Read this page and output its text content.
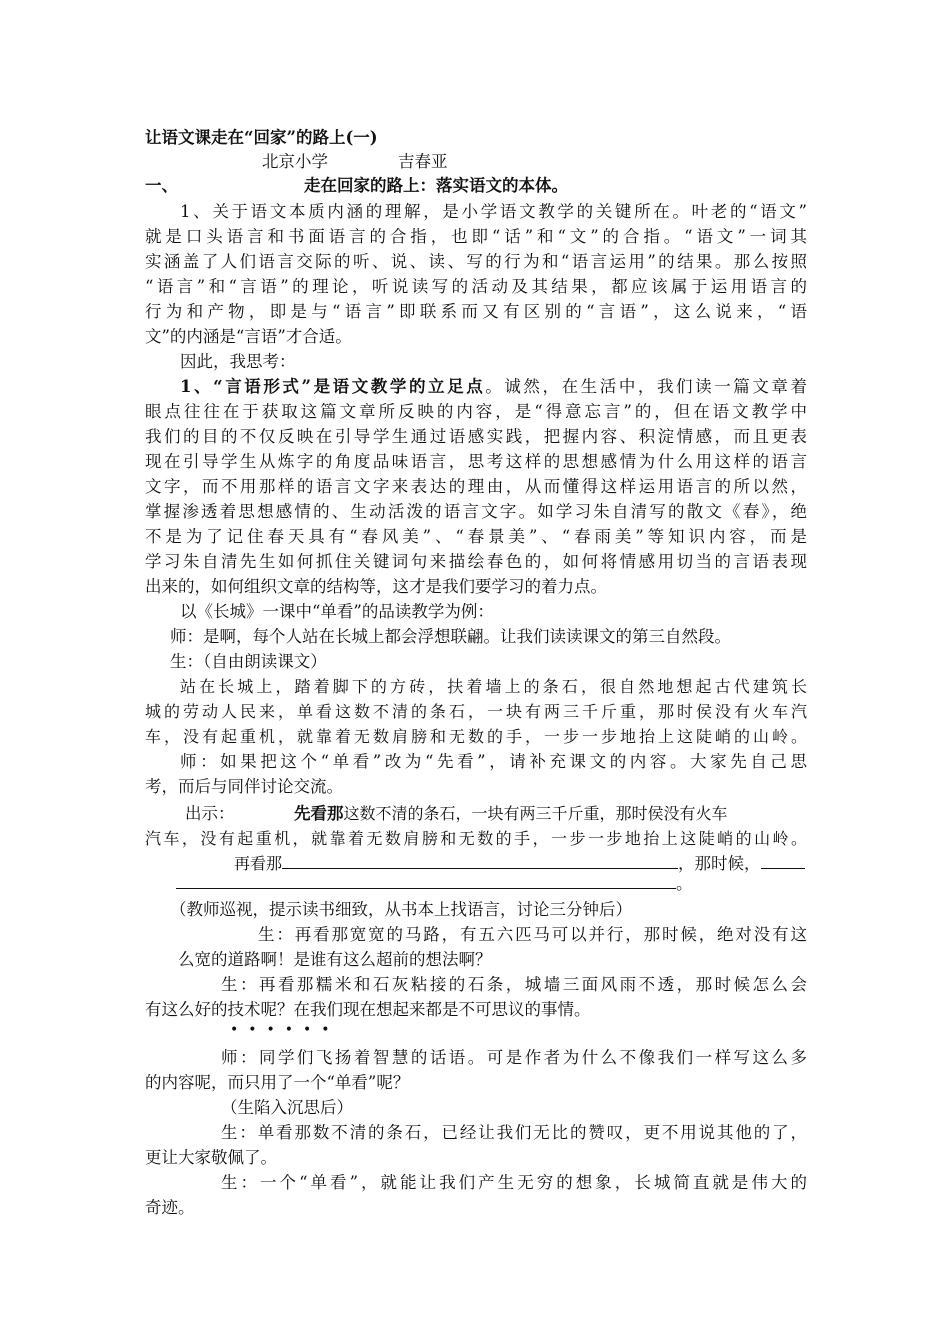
让语文课走在“回家”的路上(一)
北京小学	吉春亚
一、	走在回家的路上：落实语文的本体。
1、关于语文本质内涵的理解，是小学语文教学的关键所在。叶老的“语文”
就是口头语言和书面语言的合指，也即“话”和“文”的合指。“语文”一词其
实涵盖了人们语言交际的听、说、读、写的行为和“语言运用”的结果。那么按照
“语言”和“言语”的理论，听说读写的活动及其结果，都应该属于运用语言的
行为和产物，即是与“语言”即联系而又有区别的“言语”，这么说来，“语
文”的内涵是“言语”才合适。
因此，我思考：
1、“言语形式”是语文教学的立足点。诚然，在生活中，我们读一篇文章着
眼点往往在于获取这篇文章所反映的内容，是“得意忘言”的，但在语文教学中
我们的目的不仅反映在引导学生通过语感实践，把握内容、积淀情感，而且更表
现在引导学生从炼字的角度品味语言，思考这样的思想感情为什么用这样的语言
文字，而不用那样的语言文字来表达的理由，从而懂得这样运用语言的所以然，
掌握渗透着思想感情的、生动活泼的语言文字。如学习朱自清写的散文《春》，绝
不是为了记住春天具有“春风美”、“春景美”、“春雨美”等知识内容，而是
学习朱自清先生如何抓住关键词句来描绘春色的，如何将情感用切当的言语表现
出来的，如何组织文章的结构等，这才是我们要学习的着力点。
以《长城》一课中“单看”的品读教学为例：
师：是啊，每个人站在长城上都会浮想联翩。让我们读读课文的第三自然段。
生：（自由朗读课文）
站在长城上，踏着脚下的方砖，扶着墙上的条石，很自然地想起古代建筑长
城的劳动人民来，单看这数不清的条石，一块有两三千斤重，那时侯没有火车汽
车，没有起重机，就靠着无数肩膀和无数的手，一步一步地抬上这陡峭的山岭。
师：如果把这个“单看”改为“先看”，请补充课文的内容。大家先自己思
考，而后与同伴讨论交流。
出示：	先看那这数不清的条石，一块有两三千斤重，那时侯没有火车
汽车，没有起重机，就靠着无数肩膀和无数的手，一步一步地抬上这陡峭的山岭。
再看那	，那时候，
。
（教师巡视，提示读书细致，从书本上找语言，讨论三分钟后）
生：再看那宽宽的马路，有五六匹马可以并行，那时候，绝对没有这
么宽的道路啊！是谁有这么超前的想法啊？
生：再看那糯米和石灰粘接的石条，城墙三面风雨不透，那时候怎么会
有这么好的技术呢？在我们现在想起来都是不可思议的事情。
••••••
师：同学们飞扬着智慧的话语。可是作者为什么不像我们一样写这么多
的内容呢，而只用了一个“单看”呢？
（生陷入沉思后）
生：单看那数不清的条石，已经让我们无比的赞叹，更不用说其他的了，
更让大家敬佩了。
生：一个“单看”，就能让我们产生无穷的想象，长城简直就是伟大的
奇迹。
